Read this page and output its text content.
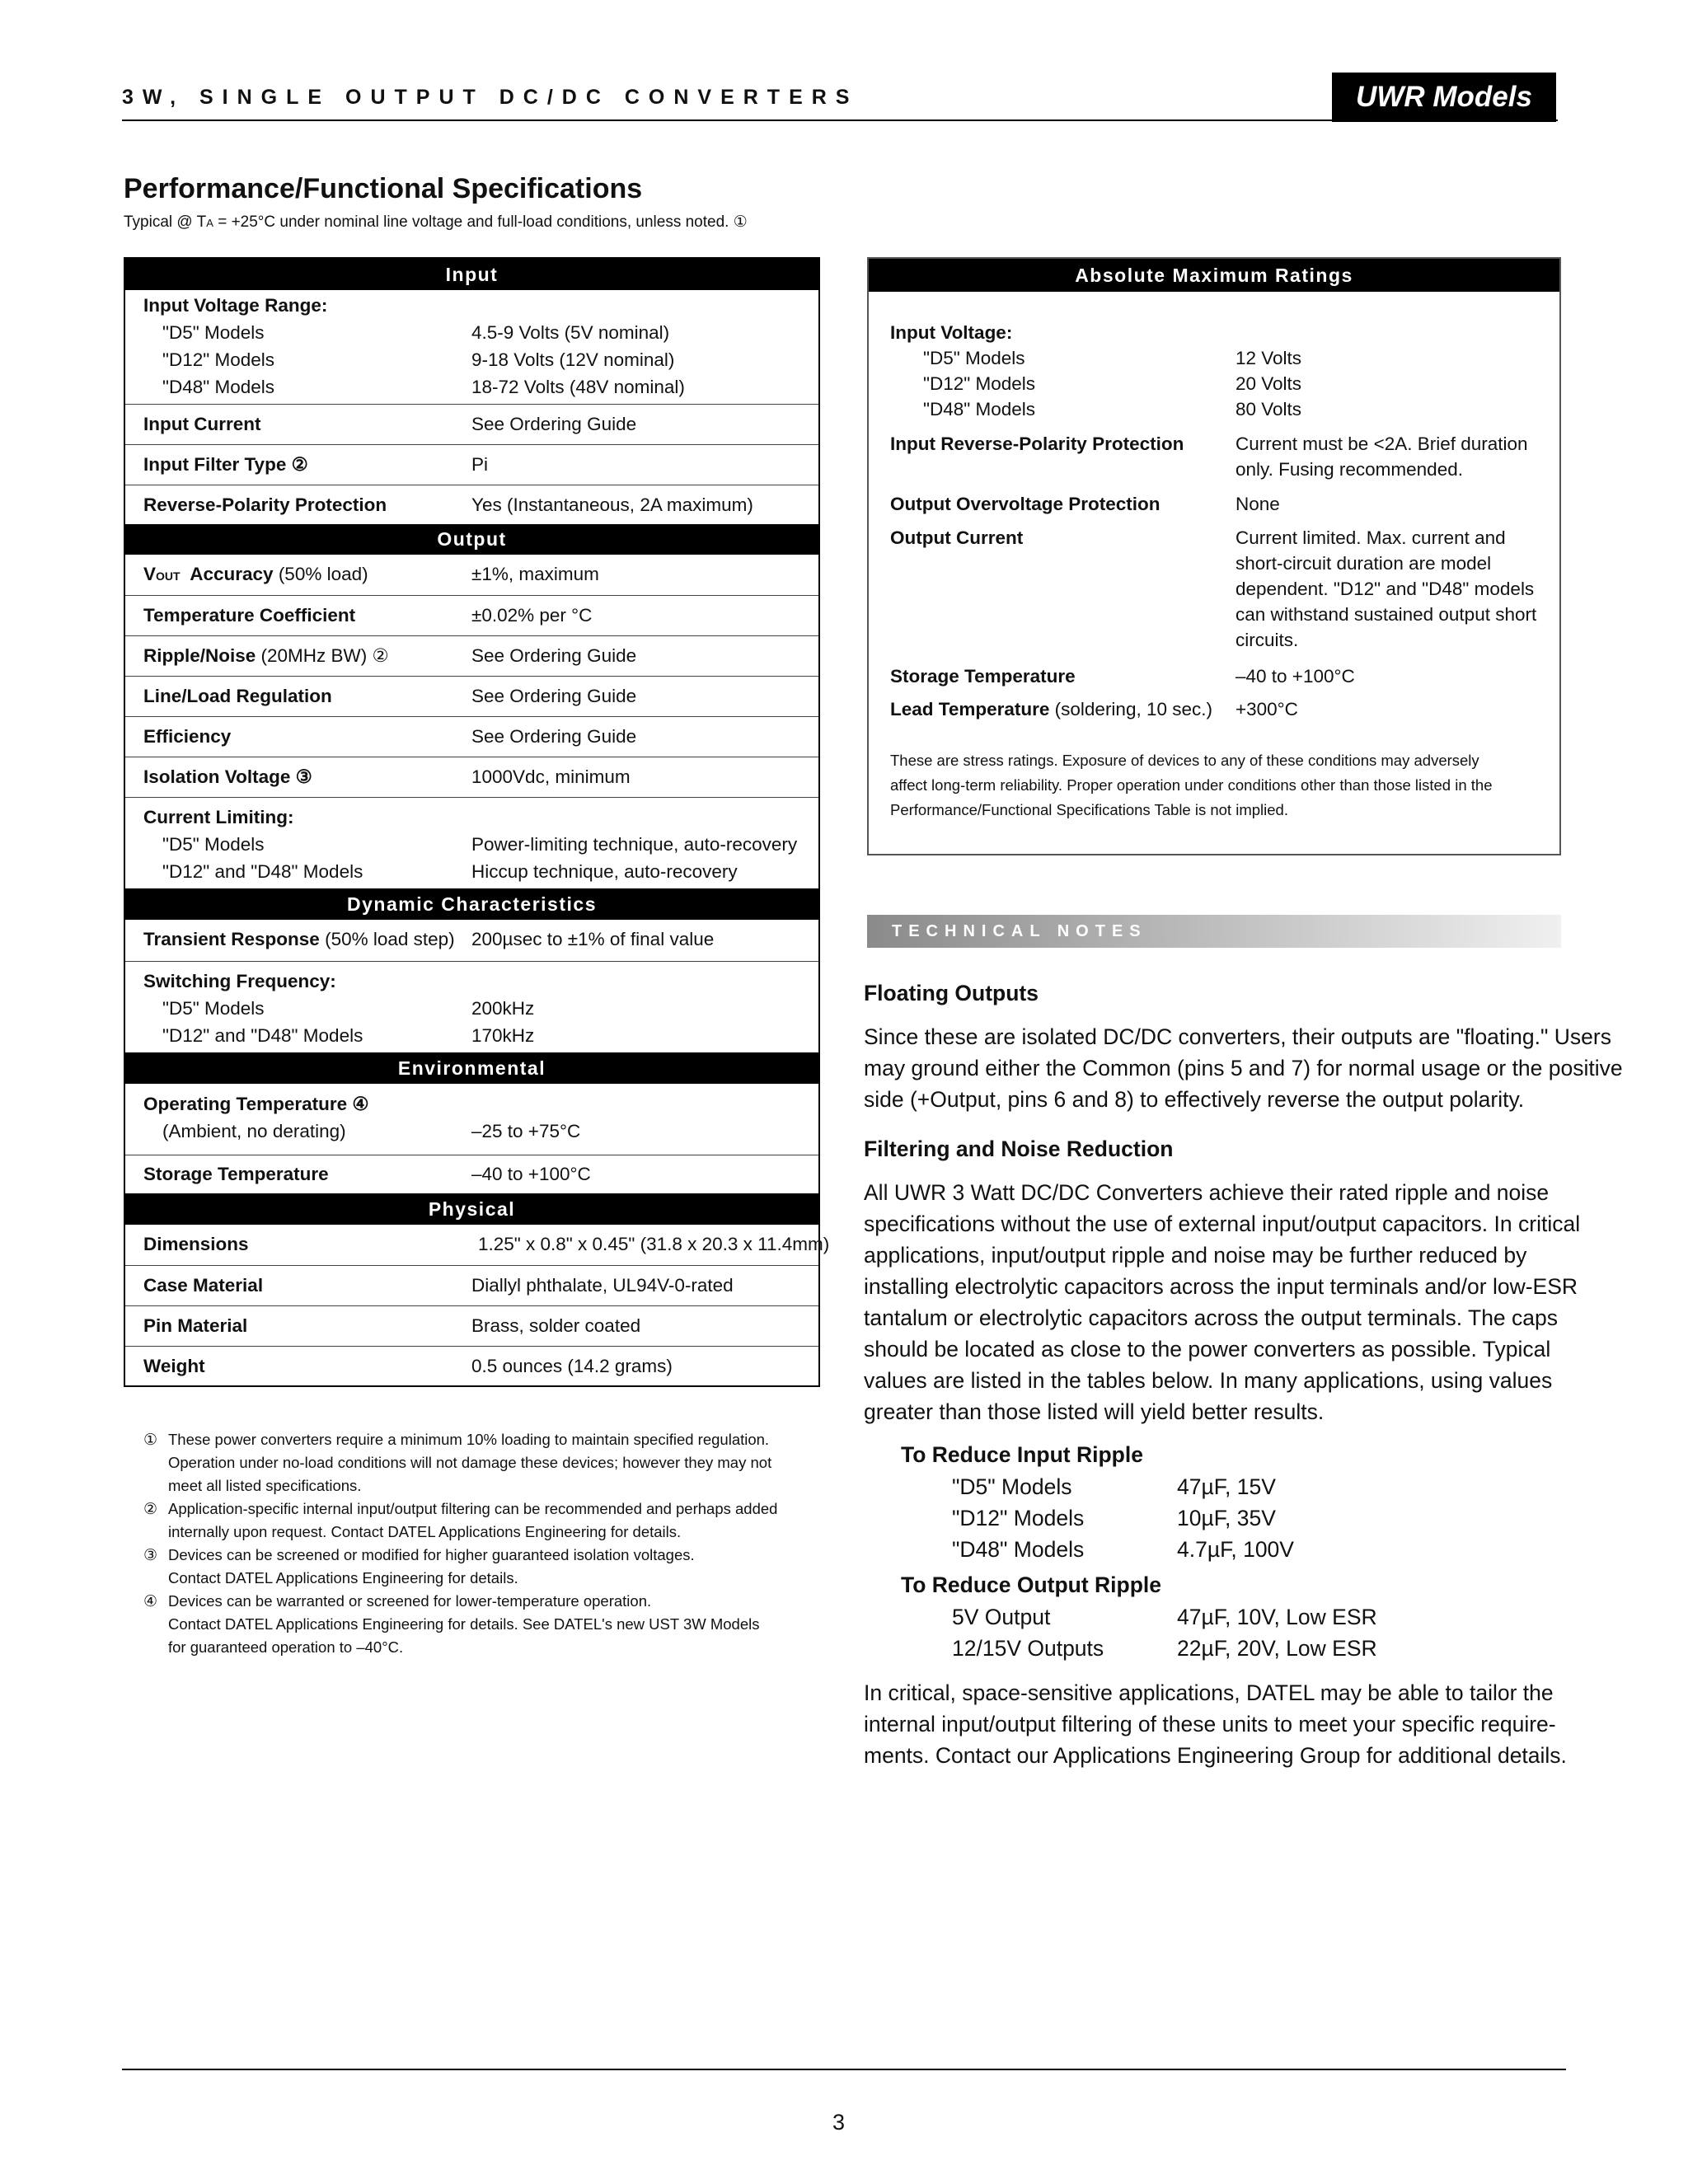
3W, SINGLE OUTPUT DC/DC CONVERTERS	UWR Models
Performance/Functional Specifications
Typical @ TA = +25°C under nominal line voltage and full-load conditions, unless noted. ①
Input
Input Voltage Range:
"D5" Models	4.5-9 Volts (5V nominal)
"D12" Models	9-18 Volts (12V nominal)
"D48" Models	18-72 Volts (48V nominal)
Input Current	See Ordering Guide
Input Filter Type ②	Pi
Reverse-Polarity Protection	Yes (Instantaneous, 2A maximum)
Output
VOUT  Accuracy (50% load)	±1%, maximum
Temperature Coefficient	±0.02% per °C
Ripple/Noise (20MHz BW) ②	See Ordering Guide
Line/Load Regulation	See Ordering Guide
Efficiency	See Ordering Guide
Isolation Voltage ③	1000Vdc, minimum
Current Limiting:
"D5" Models	Power-limiting technique, auto-recovery
"D12" and "D48" Models	Hiccup technique, auto-recovery
Dynamic Characteristics
Transient Response (50% load step) 200µsec to ±1% of final value
Switching Frequency:
"D5" Models	200kHz
"D12" and "D48" Models	170kHz
Environmental
Operating Temperature ④
(Ambient, no derating)	–25 to +75°C
Storage Temperature	–40 to +100°C
Physical
Dimensions	1.25" x 0.8" x 0.45" (31.8 x 20.3 x 11.4mm)
Case Material	Diallyl phthalate, UL94V-0-rated
Pin Material	Brass, solder coated
Weight	0.5 ounces (14.2 grams)
① These power converters require a minimum 10% loading to maintain specified regulation.
Operation under no-load conditions will not damage these devices; however they may not
meet all listed specifications.
② Application-specific internal input/output filtering can be recommended and perhaps added
internally upon request. Contact DATEL Applications Engineering for details.
③ Devices can be screened or modified for higher guaranteed isolation voltages.
Contact DATEL Applications Engineering for details.
④ Devices can be warranted or screened for lower-temperature operation.
Contact DATEL Applications Engineering for details. See DATEL's new UST 3W Models
for guaranteed operation to –40°C.
Absolute Maximum Ratings
Input Voltage:
"D5" Models	12 Volts
"D12" Models	20 Volts
"D48" Models	80 Volts
Input Reverse-Polarity Protection	Current must be <2A. Brief duration
only. Fusing recommended.
Output Overvoltage Protection	None
Output Current	Current limited. Max. current and
short-circuit duration are model
dependent. "D12" and "D48" models
can withstand sustained output short
circuits.
Storage Temperature	–40 to +100°C
Lead Temperature (soldering, 10 sec.) +300°C
These are stress ratings. Exposure of devices to any of these conditions may adversely
affect long-term reliability. Proper operation under conditions other than those listed in the
Performance/Functional Specifications Table is not implied.
TECHNICAL NOTES
Floating Outputs
Since these are isolated DC/DC converters, their outputs are "floating." Users
may ground either the Common (pins 5 and 7) for normal usage or the positive
side (+Output, pins 6 and 8) to effectively reverse the output polarity.
Filtering and Noise Reduction
All UWR 3 Watt DC/DC Converters achieve their rated ripple and noise
specifications without the use of external input/output capacitors. In critical
applications, input/output ripple and noise may be further reduced by
installing electrolytic capacitors across the input terminals and/or low-ESR
tantalum or electrolytic capacitors across the output terminals. The caps
should be located as close to the power converters as possible. Typical
values are listed in the tables below. In many applications, using values
greater than those listed will yield better results.
To Reduce Input Ripple
"D5" Models	47µF, 15V
"D12" Models	10µF, 35V
"D48" Models	4.7µF, 100V
To Reduce Output Ripple
5V Output	47µF, 10V, Low ESR
12/15V Outputs	22µF, 20V, Low ESR
In critical, space-sensitive applications, DATEL may be able to tailor the
internal input/output filtering of these units to meet your specific require-
ments. Contact our Applications Engineering Group for additional details.
3
